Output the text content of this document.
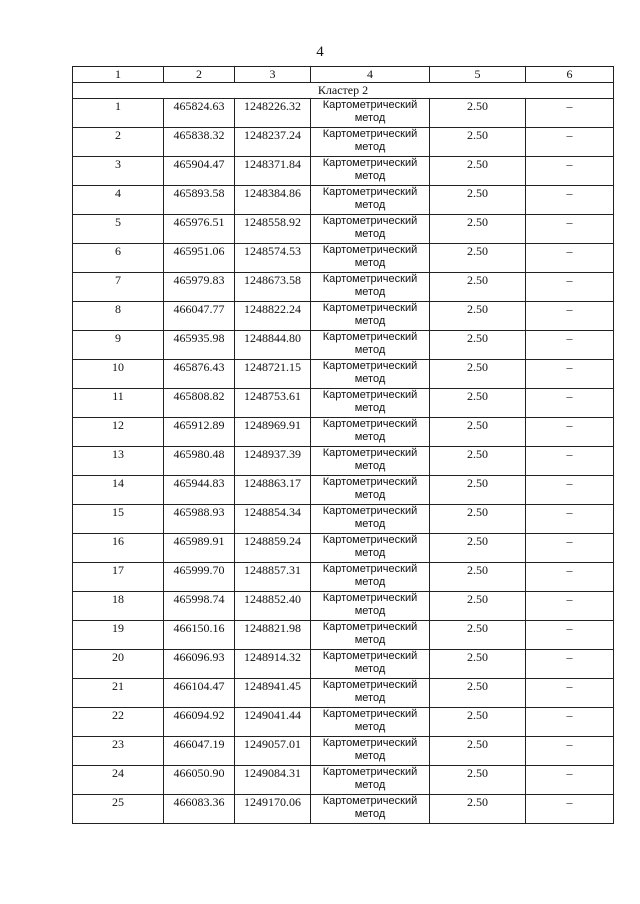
4
1	2	3	4	5	6
Кластер 2					
1	465824.63	1248226.32	Картометрический метод	2.50	–
2	465838.32	1248237.24	Картометрический метод	2.50	–
3	465904.47	1248371.84	Картометрический метод	2.50	–
4	465893.58	1248384.86	Картометрический метод	2.50	–
5	465976.51	1248558.92	Картометрический метод	2.50	–
6	465951.06	1248574.53	Картометрический метод	2.50	–
7	465979.83	1248673.58	Картометрический метод	2.50	–
8	466047.77	1248822.24	Картометрический метод	2.50	–
9	465935.98	1248844.80	Картометрический метод	2.50	–
10	465876.43	1248721.15	Картометрический метод	2.50	–
11	465808.82	1248753.61	Картометрический метод	2.50	–
12	465912.89	1248969.91	Картометрический метод	2.50	–
13	465980.48	1248937.39	Картометрический метод	2.50	–
14	465944.83	1248863.17	Картометрический метод	2.50	–
15	465988.93	1248854.34	Картометрический метод	2.50	–
16	465989.91	1248859.24	Картометрический метод	2.50	–
17	465999.70	1248857.31	Картометрический метод	2.50	–
18	465998.74	1248852.40	Картометрический метод	2.50	–
19	466150.16	1248821.98	Картометрический метод	2.50	–
20	466096.93	1248914.32	Картометрический метод	2.50	–
21	466104.47	1248941.45	Картометрический метод	2.50	–
22	466094.92	1249041.44	Картометрический метод	2.50	–
23	466047.19	1249057.01	Картометрический метод	2.50	–
24	466050.90	1249084.31	Картометрический метод	2.50	–
25	466083.36	1249170.06	Картометрический метод	2.50	–
